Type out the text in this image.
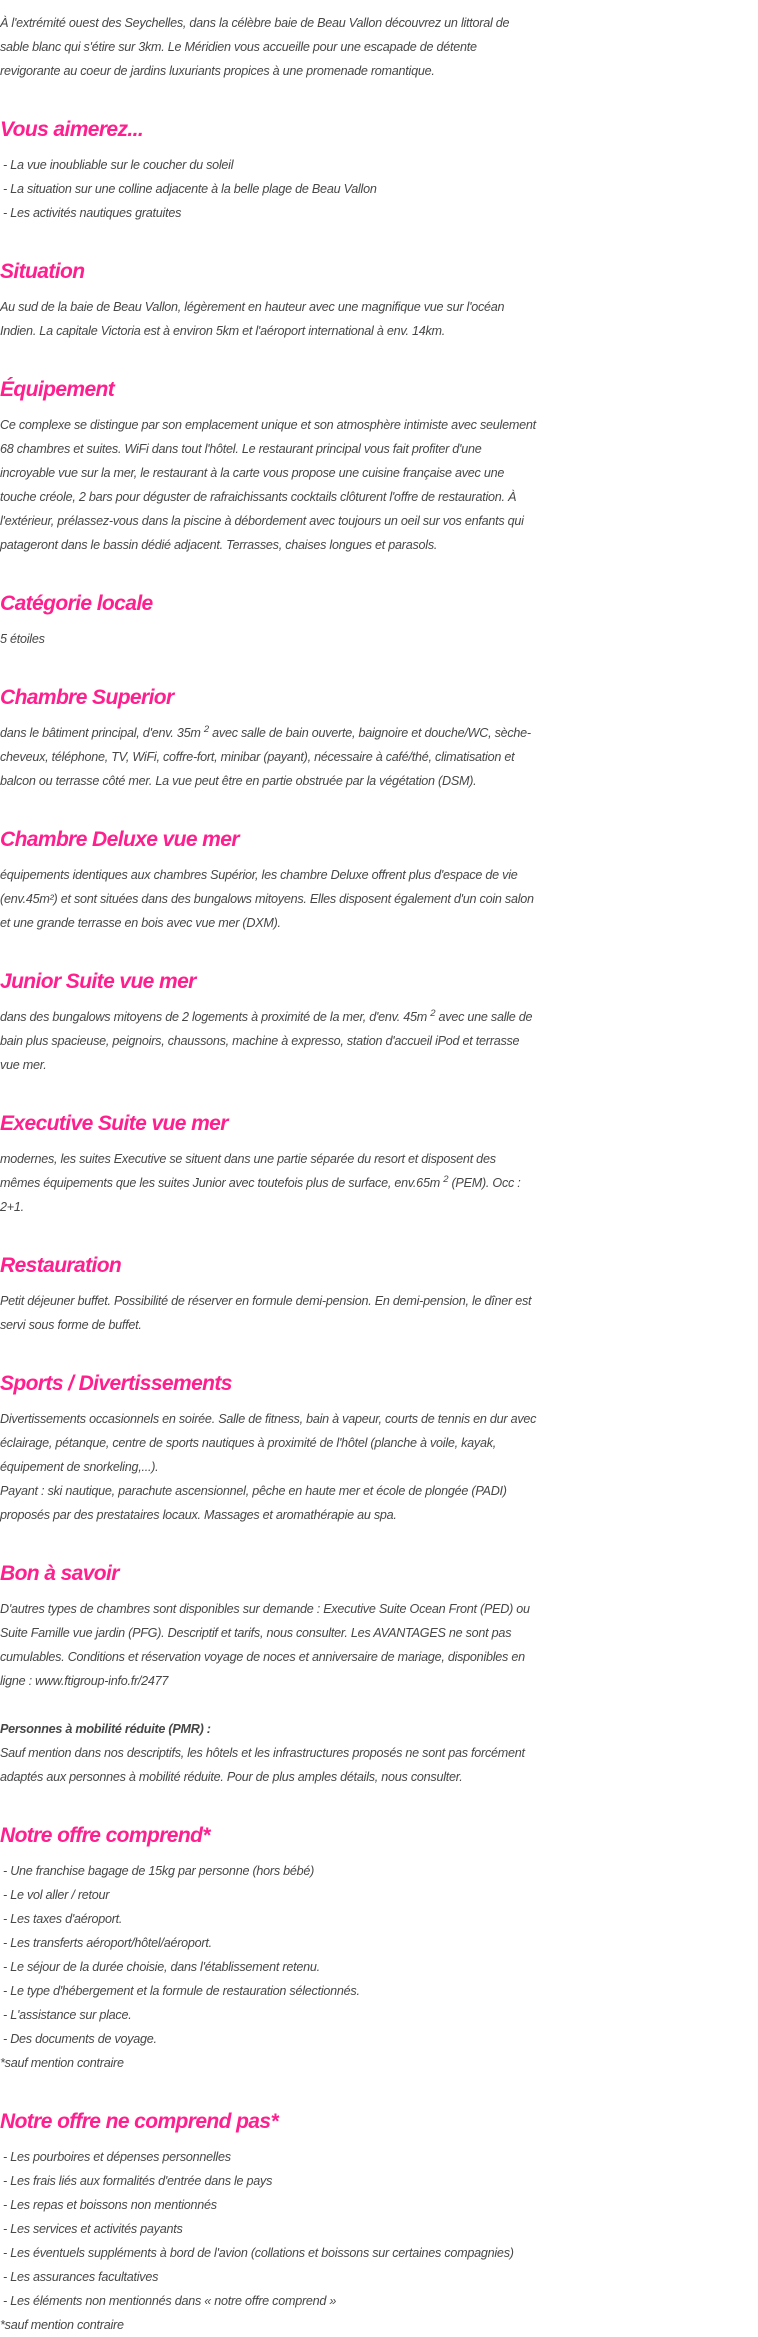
À l'extrémité ouest des Seychelles, dans la célèbre baie de Beau Vallon découvrez un littoral de sable blanc qui s'étire sur 3km. Le Méridien vous accueille pour une escapade de détente revigorante au coeur de jardins luxuriants propices à une promenade romantique.

Vous aimerez...
- La vue inoubliable sur le coucher du soleil
- La situation sur une colline adjacente à la belle plage de Beau Vallon
- Les activités nautiques gratuites
Situation

Au sud de la baie de Beau Vallon, légèrement en hauteur avec une magnifique vue sur l'océan Indien. La capitale Victoria est à environ 5km et l'aéroport international à env. 14km.

Équipement

Ce complexe se distingue par son emplacement unique et son atmosphère intimiste avec seulement 68 chambres et suites. WiFi dans tout l'hôtel. Le restaurant principal vous fait profiter d'une incroyable vue sur la mer, le restaurant à la carte vous propose une cuisine française avec une touche créole, 2 bars pour déguster de rafraichissants cocktails clôturent l'offre de restauration. À l'extérieur, prélassez-vous dans la piscine à débordement avec toujours un oeil sur vos enfants qui patageront dans le bassin dédié adjacent. Terrasses, chaises longues et parasols.

Catégorie locale

5 étoiles

Chambre Superior

dans le bâtiment principal, d'env. 35m $^2$ avec salle de bain ouverte, baignoire et douche/WC, sèche-cheveux, téléphone, TV, WiFi, coffre-fort, minibar (payant), nécessaire à café/thé, climatisation et balcon ou terrasse côté mer. La vue peut être en partie obstruée par la végétation (DSM).

Chambre Deluxe vue mer

équipements identiques aux chambres Supérior, les chambre Deluxe offrent plus d'espace de vie (env.45m²) et sont situées dans des bungalows mitoyens. Elles disposent également d'un coin salon et une grande terrasse en bois avec vue mer (DXM).

Junior Suite vue mer

dans des bungalows mitoyens de 2 logements à proximité de la mer, d'env. 45m $^2$ avec une salle de bain plus spacieuse, peignoirs, chaussons, machine à expresso, station d'accueil iPod et terrasse vue mer.

Executive Suite vue mer

modernes, les suites Executive se situent dans une partie séparée du resort et disposent des mêmes équipements que les suites Junior avec toutefois plus de surface, env.65m $^2$ (PEM). Occ : 2+1.

Restauration

Petit déjeuner buffet. Possibilité de réserver en formule demi-pension. En demi-pension, le dîner est servi sous forme de buffet.

Sports / Divertissements

Divertissements occasionnels en soirée. Salle de fitness, bain à vapeur, courts de tennis en dur avec éclairage, pétanque, centre de sports nautiques à proximité de l'hôtel (planche à voile, kayak, équipement de snorkeling,...).

Payant : ski nautique, parachute ascensionnel, pêche en haute mer et école de plongée (PADI) proposés par des prestataires locaux. Massages et aromathérapie au spa.

Bon à savoir

D'autres types de chambres sont disponibles sur demande : Executive Suite Ocean Front (PED) ou Suite Famille vue jardin (PFG). Descriptif et tarifs, nous consulter. Les AVANTAGES ne sont pas cumulables. Conditions et réservation voyage de noces et anniversaire de mariage, disponibles en ligne : www.ftigroup-info.fr/2477

Personnes à mobilité réduite (PMR) :

Sauf mention dans nos descriptifs, les hôtels et les infrastructures proposés ne sont pas forcément adaptés aux personnes à mobilité réduite. Pour de plus amples détails, nous consulter.

Notre offre comprend*
- Une franchise bagage de 15kg par personne (hors bébé)
- Le vol aller / retour
- Les taxes d'aéroport.
- Les transferts aéroport/hôtel/aéroport.
- Le séjour de la durée choisie, dans l'établissement retenu.
- Le type d'hébergement et la formule de restauration sélectionnés.
- L'assistance sur place.
- Des documents de voyage.

*sauf mention contraire

Notre offre ne comprend pas*
- Les pourboires et dépenses personnelles
- Les frais liés aux formalités d'entrée dans le pays
- Les repas et boissons non mentionnés
- Les services et activités payants
- Les éventuels suppléments à bord de l'avion (collations et boissons sur certaines compagnies)
- Les assurances facultatives
- Les éléments non mentionnés dans « notre offre comprend »

*sauf mention contraire
